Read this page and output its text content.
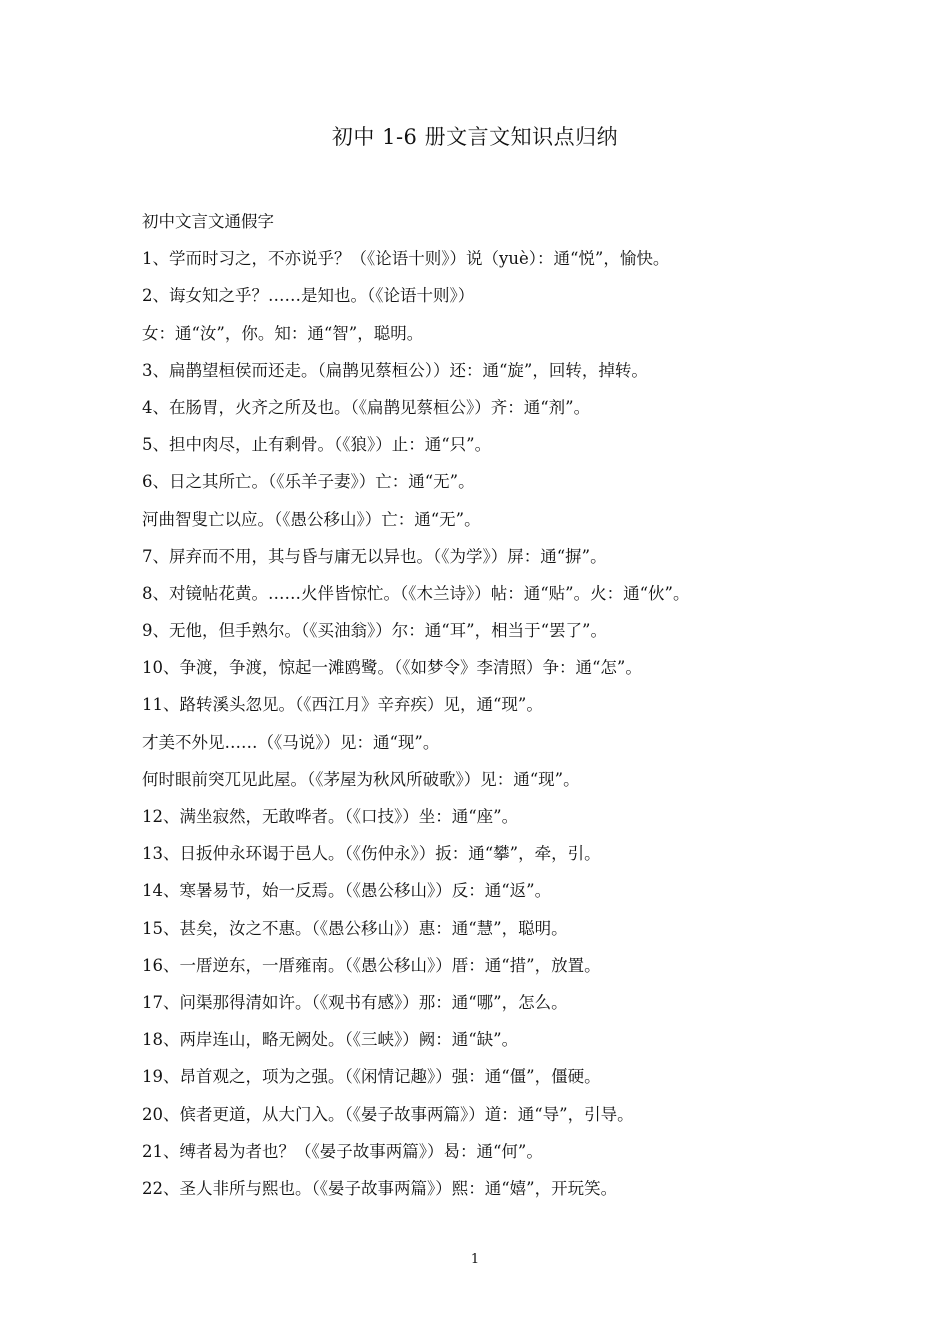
初中 1-6 册文言文知识点归纳
初中文言文通假字
1、学而时习之，不亦说乎？（《论语十则》）说（yuè）：通“悦”，愉快。
2、诲女知之乎？……是知也。（《论语十则》）
女：通“汝”，你。知：通“智”，聪明。
3、扁鹊望桓侯而还走。（扁鹊见蔡桓公））还：通“旋”，回转，掉转。
4、在肠胃，火齐之所及也。（《扁鹊见蔡桓公》）齐：通“剂”。
5、担中肉尽，止有剩骨。（《狼》）止：通“只”。
6、日之其所亡。（《乐羊子妻》）亡：通“无”。
河曲智叟亡以应。（《愚公移山》）亡：通“无”。
7、屏弃而不用，其与昏与庸无以异也。（《为学》）屏：通“摒”。
8、对镜帖花黄。……火伴皆惊忙。（《木兰诗》）帖：通“贴”。火：通“伙”。
9、无他，但手熟尔。（《买油翁》）尔：通“耳”，相当于“罢了”。
10、争渡，争渡，惊起一滩鸥鹭。（《如梦令》李清照）争：通“怎”。
11、路转溪头忽见。（《西江月》辛弃疾）见，通“现”。
才美不外见……（《马说》）见：通“现”。
何时眼前突兀见此屋。（《茅屋为秋风所破歌》）见：通“现”。
12、满坐寂然，无敢哗者。（《口技》）坐：通“座”。
13、日扳仲永环谒于邑人。（《伤仲永》）扳：通“攀”，牵，引。
14、寒暑易节，始一反焉。（《愚公移山》）反：通“返”。
15、甚矣，汝之不惠。（《愚公移山》）惠：通“慧”，聪明。
16、一厝逆东，一厝雍南。（《愚公移山》）厝：通“措”，放置。
17、问渠那得清如许。（《观书有感》）那：通“哪”，怎么。
18、两岸连山，略无阙处。（《三峡》）阙：通“缺”。
19、昂首观之，项为之强。（《闲情记趣》）强：通“僵”，僵硬。
20、傧者更道，从大门入。（《晏子故事两篇》）道：通“导”，引导。
21、缚者曷为者也？（《晏子故事两篇》）曷：通“何”。
22、圣人非所与熙也。（《晏子故事两篇》）熙：通“嬉”，开玩笑。
1
